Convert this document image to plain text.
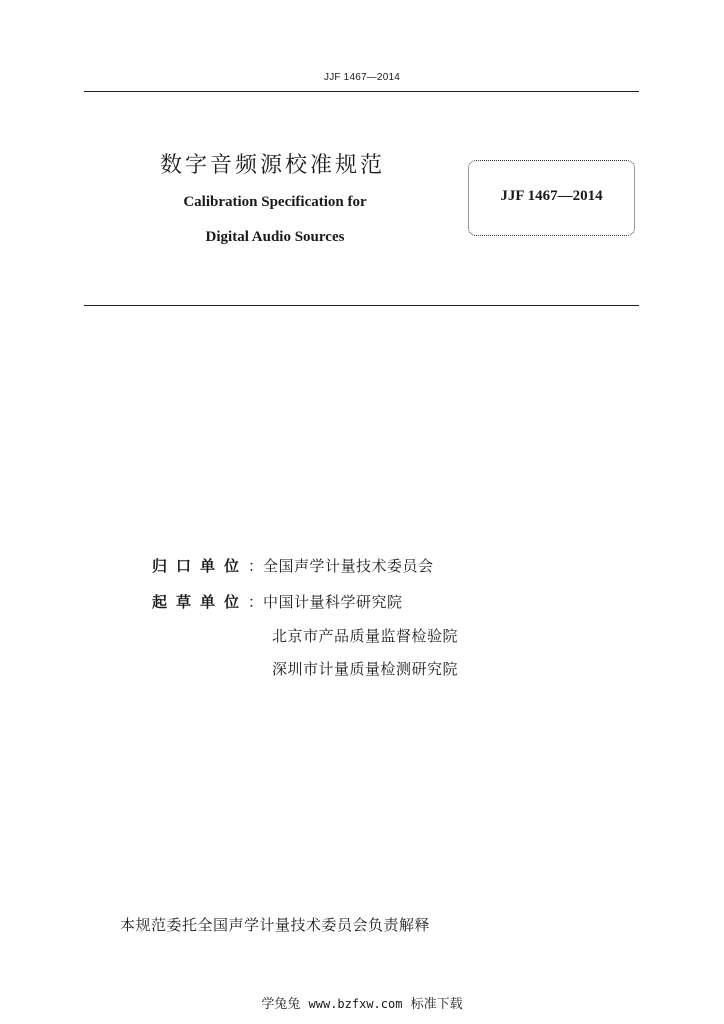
JJF 1467—2014
数字音频源校准规范
Calibration Specification for
Digital Audio Sources
JJF 1467—2014
归口单位：全国声学计量技术委员会
起草单位：中国计量科学研究院
北京市产品质量监督检验院
深圳市计量质量检测研究院
本规范委托全国声学计量技术委员会负责解释
学兔兔 www.bzfxw.com 标准下载
